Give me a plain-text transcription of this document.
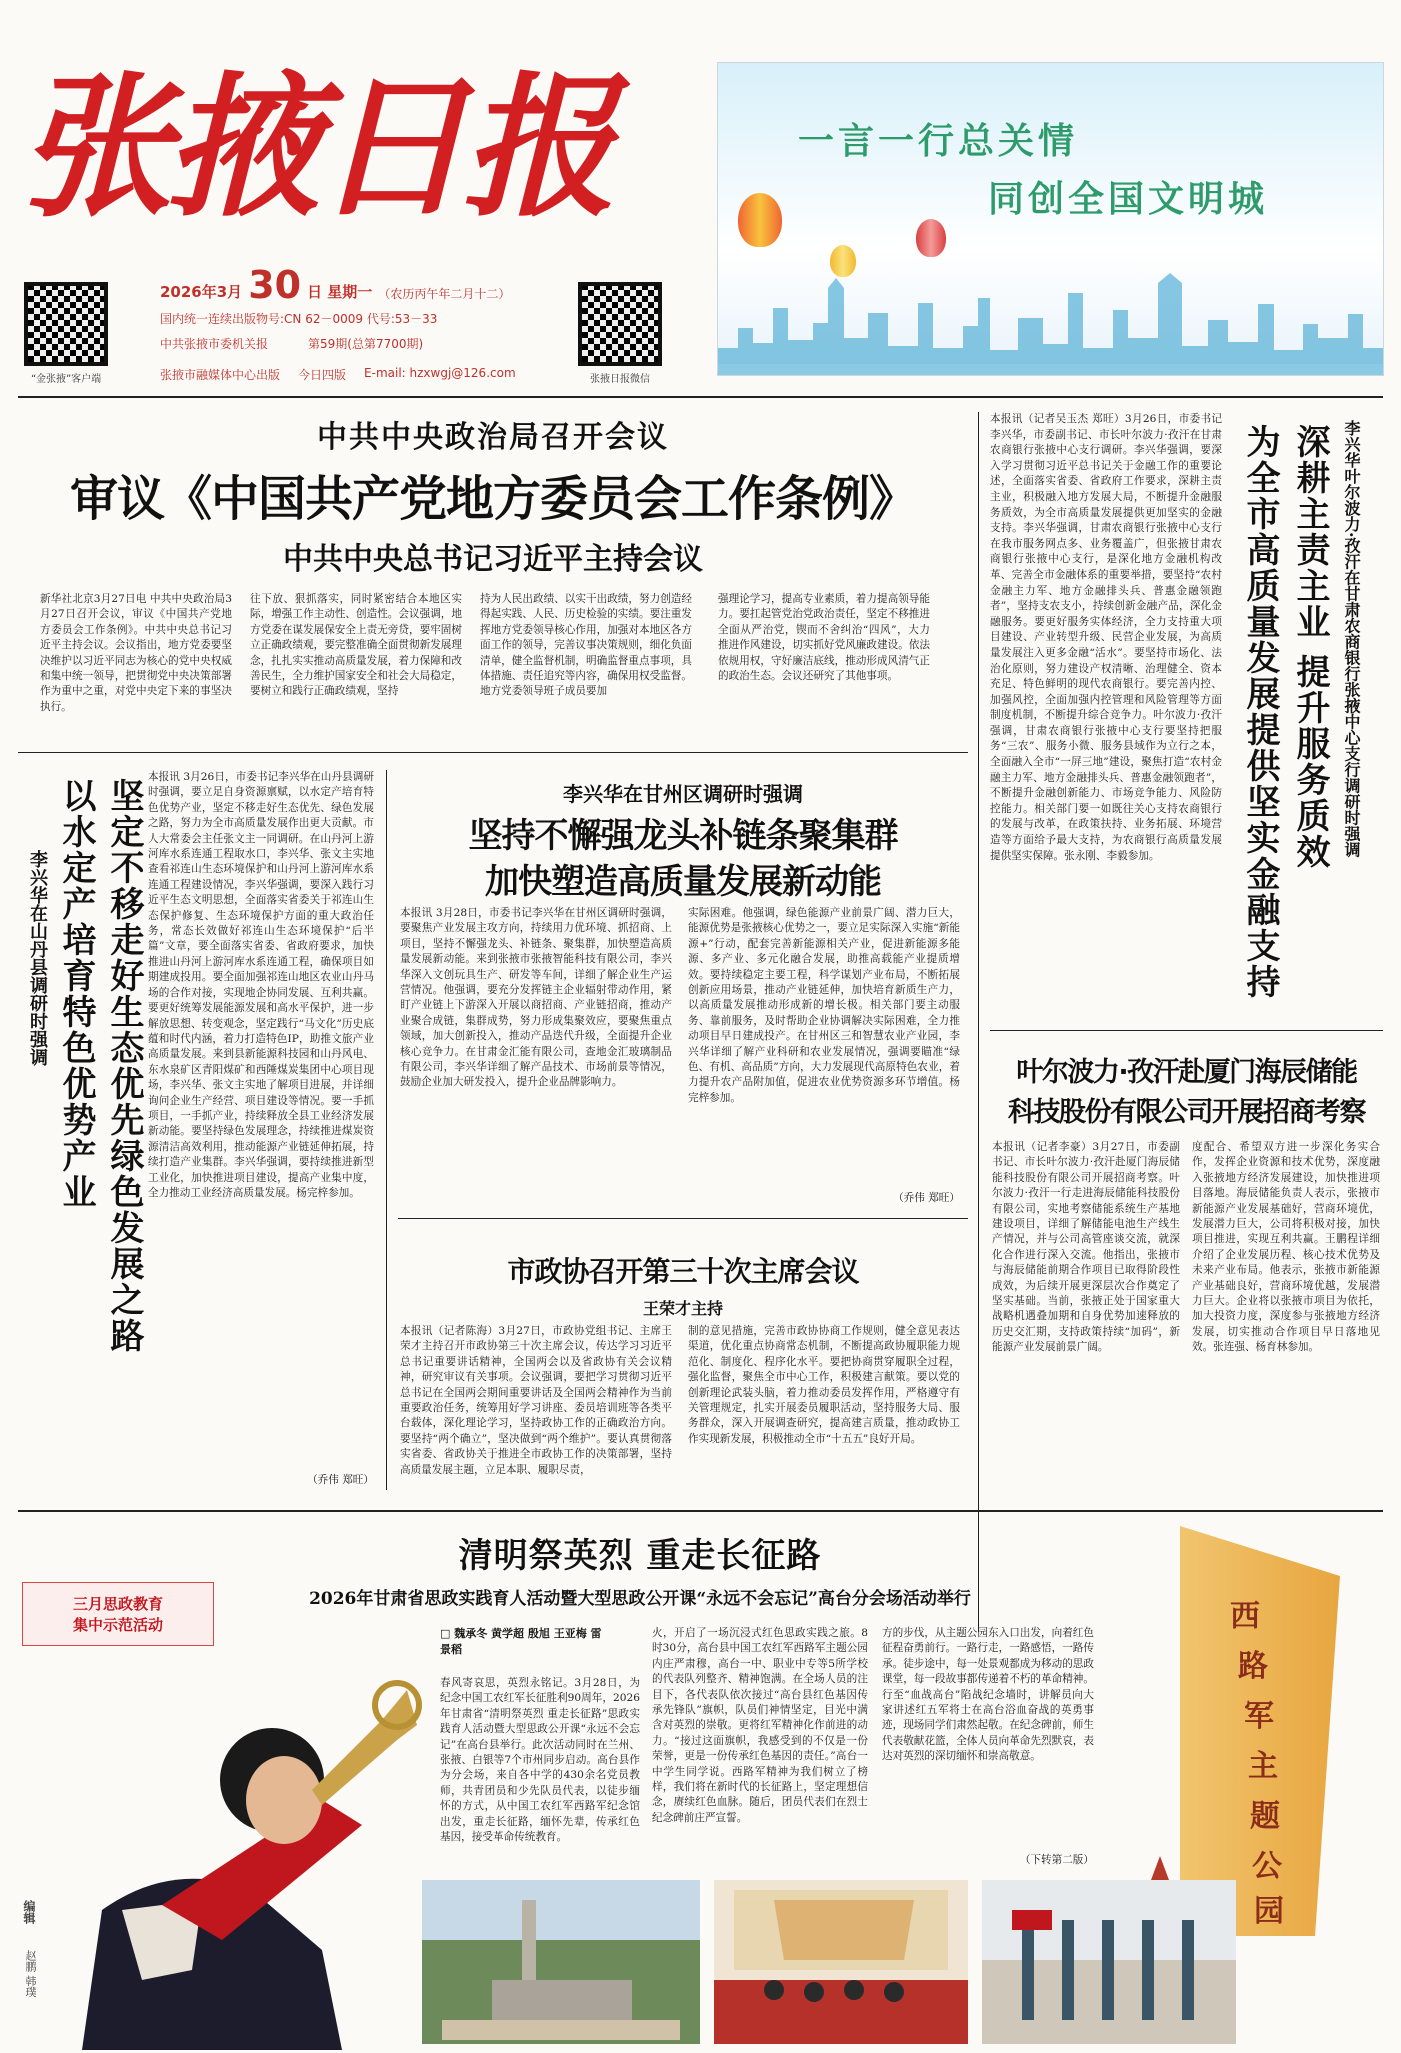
张掖日报
“金张掖”客户端
2026年3月 30 日 星期一 （农历丙午年二月十二）
国内统一连续出版物号:CN 62－0009 代号:53－33
中共张掖市委机关报	第59期(总第7700期)
张掖市融媒体中心出版 今日四版 E-mail: hzxwgj@126.com	张掖日报微信
一言一行总关情
同创全国文明城
中共中央政治局召开会议
审议《中国共产党地方委员会工作条例》
中共中央总书记习近平主持会议
新华社北京3月27日电 中共中央政治局3月27日召开会议，审议《中国共产党地方委员会工作条例》。中共中央总书记习近平主持会议。会议指出，地方党委要坚决维护以习近平同志为核心的党中央权威和集中统一领导，把贯彻党中央决策部署作为重中之重，对党中央定下来的事坚决执行。
往下放、狠抓落实，同时紧密结合本地区实际，增强工作主动性、创造性。会议强调，地方党委在谋发展保安全上责无旁贷，要牢固树立正确政绩观，要完整准确全面贯彻新发展理念，扎扎实实推动高质量发展，着力保障和改善民生，全力维护国家安全和社会大局稳定，要树立和践行正确政绩观，坚持
持为人民出政绩、以实干出政绩，努力创造经得起实践、人民、历史检验的实绩。要注重发挥地方党委领导核心作用，加强对本地区各方面工作的领导，完善议事决策规则，细化负面清单，健全监督机制，明确监督重点事项，具体措施、责任追究等内容，确保用权受监督。地方党委领导班子成员要加
强理论学习，提高专业素质，着力提高领导能力。要扛起管党治党政治责任，坚定不移推进全面从严治党，锲而不舍纠治“四风”，大力推进作风建设，切实抓好党风廉政建设。依法依规用权，守好廉洁底线，推动形成风清气正的政治生态。会议还研究了其他事项。
本报讯（记者吴玉杰 郑旺）3月26日，市委书记李兴华，市委副书记、市长叶尔波力·孜汗在甘肃农商银行张掖中心支行调研。李兴华强调，要深入学习贯彻习近平总书记关于金融工作的重要论述，全面落实省委、省政府工作要求，深耕主责主业，积极融入地方发展大局，不断提升金融服务质效，为全市高质量发展提供更加坚实的金融支持。李兴华强调，甘肃农商银行张掖中心支行在我市服务网点多、业务覆盖广，但张掖甘肃农商银行张掖中心支行，是深化地方金融机构改革、完善全市金融体系的重要举措，要坚持“农村金融主力军、地方金融排头兵、普惠金融领跑者”，坚持支农支小，持续创新金融产品，深化金融服务。要更好服务实体经济，全力支持重大项目建设、产业转型升级、民营企业发展，为高质量发展注入更多金融“活水”。要坚持市场化、法治化原则，努力建设产权清晰、治理健全、资本充足、特色鲜明的现代农商银行。要完善内控、加强风控，全面加强内控管理和风险管理等方面制度机制，不断提升综合竞争力。叶尔波力·孜汗强调，甘肃农商银行张掖中心支行要坚持把服务“三农”、服务小微、服务县域作为立行之本，全面融入全市“一屏三地”建设，聚焦打造“农村金融主力军、地方金融排头兵、普惠金融领跑者”，不断提升金融创新能力、市场竞争能力、风险防控能力。相关部门要一如既往关心支持农商银行的发展与改革，在政策扶持、业务拓展、环境营造等方面给予最大支持，为农商银行高质量发展提供坚实保障。张永刚、李毅参加。	深耕主责主业 提升服务质效
为全市高质量发展提供坚实金融支持	李兴华叶尔波力·孜汗在甘肃农商银行张掖中心支行调研时强调
坚定不移走好生态优先绿色发展之路
以水定产培育特色优势产业
李兴华在山丹县调研时强调
本报讯 3月26日，市委书记李兴华在山丹县调研时强调，要立足自身资源禀赋，以水定产培育特色优势产业，坚定不移走好生态优先、绿色发展之路，努力为全市高质量发展作出更大贡献。市人大常委会主任张文主一同调研。在山丹河上游河库水系连通工程取水口，李兴华、张文主实地查看祁连山生态环境保护和山丹河上游河库水系连通工程建设情况，李兴华强调，要深入践行习近平生态文明思想，全面落实省委关于祁连山生态保护修复、生态环境保护方面的重大政治任务，常态长效做好祁连山生态环境保护“后半篇”文章，要全面落实省委、省政府要求，加快推进山丹河上游河库水系连通工程，确保项目如期建成投用。要全面加强祁连山地区农业山丹马场的合作对接，实现地企协同发展、互利共赢。要更好统筹发展能源发展和高水平保护，进一步解放思想、转变观念，坚定践行“马文化”历史底蕴和时代内涵，着力打造特色IP，助推文旅产业高质量发展。来到县新能源科技园和山丹风电、东水泉矿区青阳煤矿和西陲煤炭集团中心项目现场，李兴华、张文主实地了解项目进展，并详细询问企业生产经营、项目建设等情况。要一手抓项目，一手抓产业，持续释放全县工业经济发展新动能。要坚持绿色发展理念，持续推进煤炭资源清洁高效利用，推动能源产业链延伸拓展，持续打造产业集群。李兴华强调，要持续推进新型工业化，加快推进项目建设，提高产业集中度，全力推动工业经济高质量发展。杨完梓参加。
（乔伟 郑旺）
李兴华在甘州区调研时强调
坚持不懈强龙头补链条聚集群
加快塑造高质量发展新动能
本报讯 3月28日，市委书记李兴华在甘州区调研时强调，要聚焦产业发展主攻方向，持续用力优环境、抓招商、上项目，坚持不懈强龙头、补链条、聚集群，加快塑造高质量发展新动能。来到张掖市张掖智能科技有限公司，李兴华深入文创玩具生产、研发等车间，详细了解企业生产运营情况。他强调，要充分发挥链主企业辐射带动作用，紧盯产业链上下游深入开展以商招商、产业链招商，推动产业聚合成链，集群成势，努力形成集聚效应，要聚焦重点领域，加大创新投入，推动产品迭代升级，全面提升企业核心竞争力。在甘肃金汇能有限公司，查地金汇玻璃制品有限公司，李兴华详细了解产品技术、市场前景等情况，鼓励企业加大研发投入，提升企业品牌影响力。
实际困难。他强调，绿色能源产业前景广阔、潜力巨大，能源优势是张掖核心优势之一，要立足实际深入实施“新能源+”行动，配套完善新能源相关产业，促进新能源多能源、多产业、多元化融合发展，助推高载能产业提质增效。要持续稳定主要工程，科学谋划产业布局，不断拓展创新应用场景，推动产业链延伸，加快培育新质生产力，以高质量发展推动形成新的增长极。相关部门要主动服务、靠前服务，及时帮助企业协调解决实际困难，全力推动项目早日建成投产。在甘州区三和智慧农业产业园，李兴华详细了解产业科研和农业发展情况，强调要瞄准“绿色、有机、高品质”方向，大力发展现代高原特色农业，着力提升农产品附加值，促进农业优势资源多环节增值。杨完梓参加。
（乔伟 郑旺）
市政协召开第三十次主席会议
王荣才主持
本报讯（记者陈海）3月27日，市政协党组书记、主席王荣才主持召开市政协第三十次主席会议，传达学习习近平总书记重要讲话精神，全国两会以及省政协有关会议精神，研究审议有关事项。会议强调，要把学习贯彻习近平总书记在全国两会期间重要讲话及全国两会精神作为当前重要政治任务，统筹用好学习讲座、委员培训班等各类平台载体，深化理论学习，坚持政协工作的正确政治方向。要坚持“两个确立”，坚决做到“两个维护”。要认真贯彻落实省委、省政协关于推进全市政协工作的决策部署，坚持高质量发展主题，立足本职、履职尽责，
制的意见措施，完善市政协协商工作规则，健全意见表达渠道，优化重点协商常态机制，不断提高政协履职能力规范化、制度化、程序化水平。要把协商贯穿履职全过程，强化监督，聚焦全市中心工作，积极建言献策。要以党的创新理论武装头脑，着力推动委员发挥作用，严格遵守有关管理规定，扎实开展委员履职活动，坚持服务大局、服务群众，深入开展调查研究，提高建言质量，推动政协工作实现新发展，积极推动全市“十五五”良好开局。
叶尔波力·孜汗赴厦门海辰储能
科技股份有限公司开展招商考察
本报讯（记者李豪）3月27日，市委副书记、市长叶尔波力·孜汗赴厦门海辰储能科技股份有限公司开展招商考察。叶尔波力·孜汗一行走进海辰储能科技股份有限公司，实地考察储能系统生产基地建设项目，详细了解储能电池生产线生产情况，并与公司高管座谈交流，就深化合作进行深入交流。他指出，张掖市与海辰储能前期合作项目已取得阶段性成效，为后续开展更深层次合作奠定了坚实基础。当前，张掖正处于国家重大战略机遇叠加期和自身优势加速释放的历史交汇期，支持政策持续“加码”，新能源产业发展前景广阔。
度配合、希望双方进一步深化务实合作，发挥企业资源和技术优势，深度融入张掖地方经济发展建设，加快推进项目落地。海辰储能负责人表示，张掖市新能源产业发展基础好，营商环境优，发展潜力巨大，公司将积极对接，加快项目推进，实现互利共赢。王鹏程详细介绍了企业发展历程、核心技术优势及未来产业布局。他表示，张掖市新能源产业基础良好，营商环境优越，发展潜力巨大。企业将以张掖市项目为依托，加大投资力度，深度参与张掖地方经济发展，切实推动合作项目早日落地见效。张连强、杨育林参加。
三月思政教育
集中示范活动
清明祭英烈 重走长征路
2026年甘肃省思政实践育人活动暨大型思政公开课“永远不会忘记”高台分会场活动举行
编辑
赵鹏 韩璞
□ 魏承冬 黄学超 殷旭 王亚梅 雷景稻
春风寄哀思，英烈永铭记。3月28日，为纪念中国工农红军长征胜利90周年，2026年甘肃省“清明祭英烈 重走长征路”思政实践育人活动暨大型思政公开课“永远不会忘记”在高台县举行。此次活动同时在兰州、张掖、白银等7个市州同步启动。高台县作为分会场，来自各中学的430余名党员教师，共青团员和少先队员代表，以徒步缅怀的方式，从中国工农红军西路军纪念馆出发，重走长征路，缅怀先辈，传承红色基因，接受革命传统教育。
火，开启了一场沉浸式红色思政实践之旅。8时30分，高台县中国工农红军西路军主题公园内庄严肃穆，高台一中、职业中专等5所学校的代表队列整齐、精神饱满。在全场人员的注目下，各代表队依次接过“高台县红色基因传承先锋队”旗帜，队员们神情坚定，目光中满含对英烈的崇敬。更将红军精神化作前进的动力。“接过这面旗帜，我感受到的不仅是一份荣誉，更是一份传承红色基因的责任。”高台一中学生同学说。西路军精神为我们树立了榜样，我们将在新时代的长征路上，坚定理想信念，赓续红色血脉。随后，团员代表们在烈士纪念碑前庄严宣誓。
方的步伐，从主题公园东入口出发，向着红色征程奋勇前行。一路行走，一路感悟，一路传承。徒步途中，每一处景观都成为移动的思政课堂，每一段故事都传递着不朽的革命精神。行至“血战高台”陷战纪念墙时，讲解员向大家讲述红五军将士在高台浴血奋战的英勇事迹，现场同学们肃然起敬。在纪念碑前，师生代表敬献花篮，全体人员向革命先烈默哀，表达对英烈的深切缅怀和崇高敬意。
（下转第二版）
西
路
军
主
题
公
园
